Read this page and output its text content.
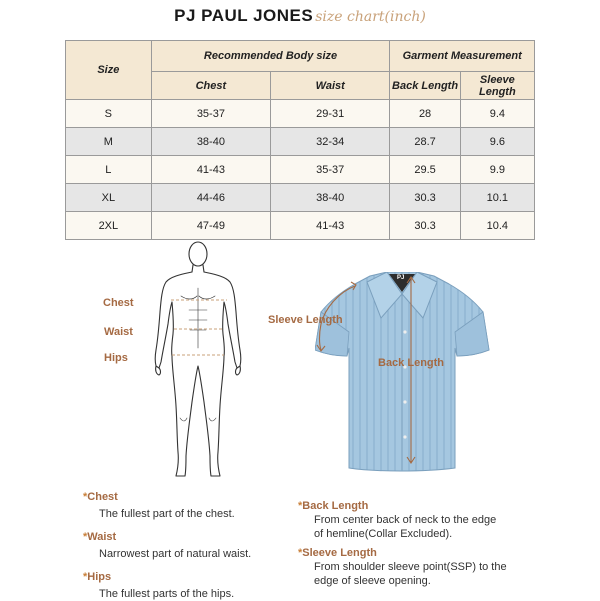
PJ PAUL JONES size chart(inch)
Size	Recommended Body size		Garment Measurement	
	Chest	Waist	Back Length	Sleeve Length
S	35-37	29-31	28	9.4
M	38-40	32-34	28.7	9.6
L	41-43	35-37	29.5	9.9
XL	44-46	38-40	30.3	10.1
2XL	47-49	41-43	30.3	10.4
Chest
Waist
Hips
Sleeve Length
Back Length
PJ
*Chest
The fullest part of the chest.
*Waist
Narrowest part of natural waist.
*Hips
The fullest parts of the hips.
*Back Length
From center back of neck to the edge
of hemline(Collar Excluded).
*Sleeve Length
From shoulder sleeve point(SSP) to the
edge of sleeve opening.
